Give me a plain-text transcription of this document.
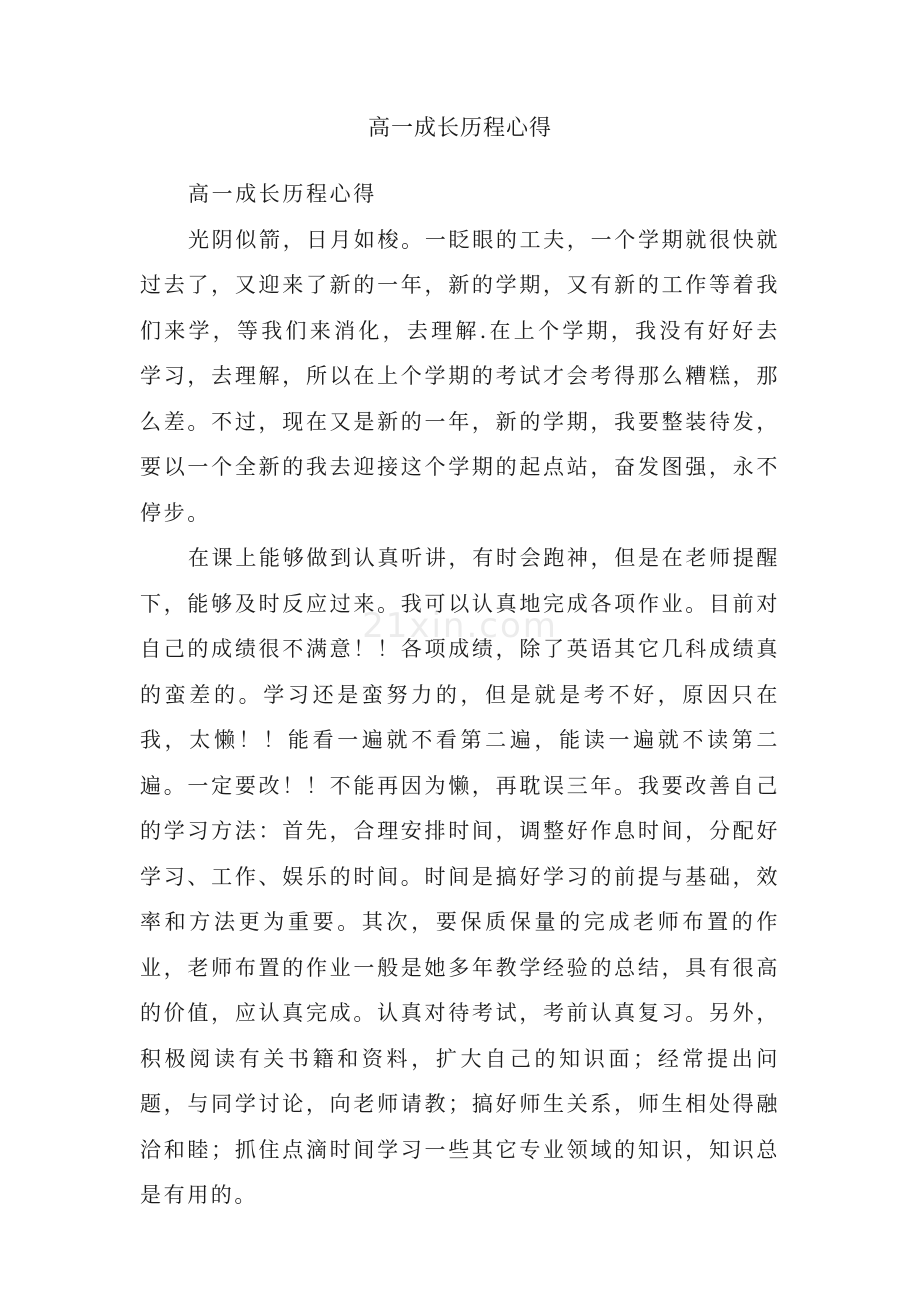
高一成长历程心得

高一成长历程心得

光阴似箭，日月如梭。一眨眼的工夫，一个学期就很快就过去了，又迎来了新的一年，新的学期，又有新的工作等着我们来学，等我们来消化，去理解.在上个学期，我没有好好去学习，去理解，所以在上个学期的考试才会考得那么糟糕，那么差。不过，现在又是新的一年，新的学期，我要整装待发，要以一个全新的我去迎接这个学期的起点站，奋发图强，永不停步。

在课上能够做到认真听讲，有时会跑神，但是在老师提醒下，能够及时反应过来。我可以认真地完成各项作业。目前对自己的成绩很不满意！！各项成绩，除了英语其它几科成绩真的蛮差的。学习还是蛮努力的，但是就是考不好，原因只在我，太懒！！能看一遍就不看第二遍，能读一遍就不读第二遍。一定要改！！不能再因为懒，再耽误三年。我要改善自己的学习方法：首先，合理安排时间，调整好作息时间，分配好学习、工作、娱乐的时间。时间是搞好学习的前提与基础，效率和方法更为重要。其次，要保质保量的完成老师布置的作业，老师布置的作业一般是她多年教学经验的总结，具有很高的价值，应认真完成。认真对待考试，考前认真复习。另外，积极阅读有关书籍和资料，扩大自己的知识面；经常提出问题，与同学讨论，向老师请教；搞好师生关系，师生相处得融洽和睦；抓住点滴时间学习一些其它专业领域的知识，知识总是有用的。

21xin.com
